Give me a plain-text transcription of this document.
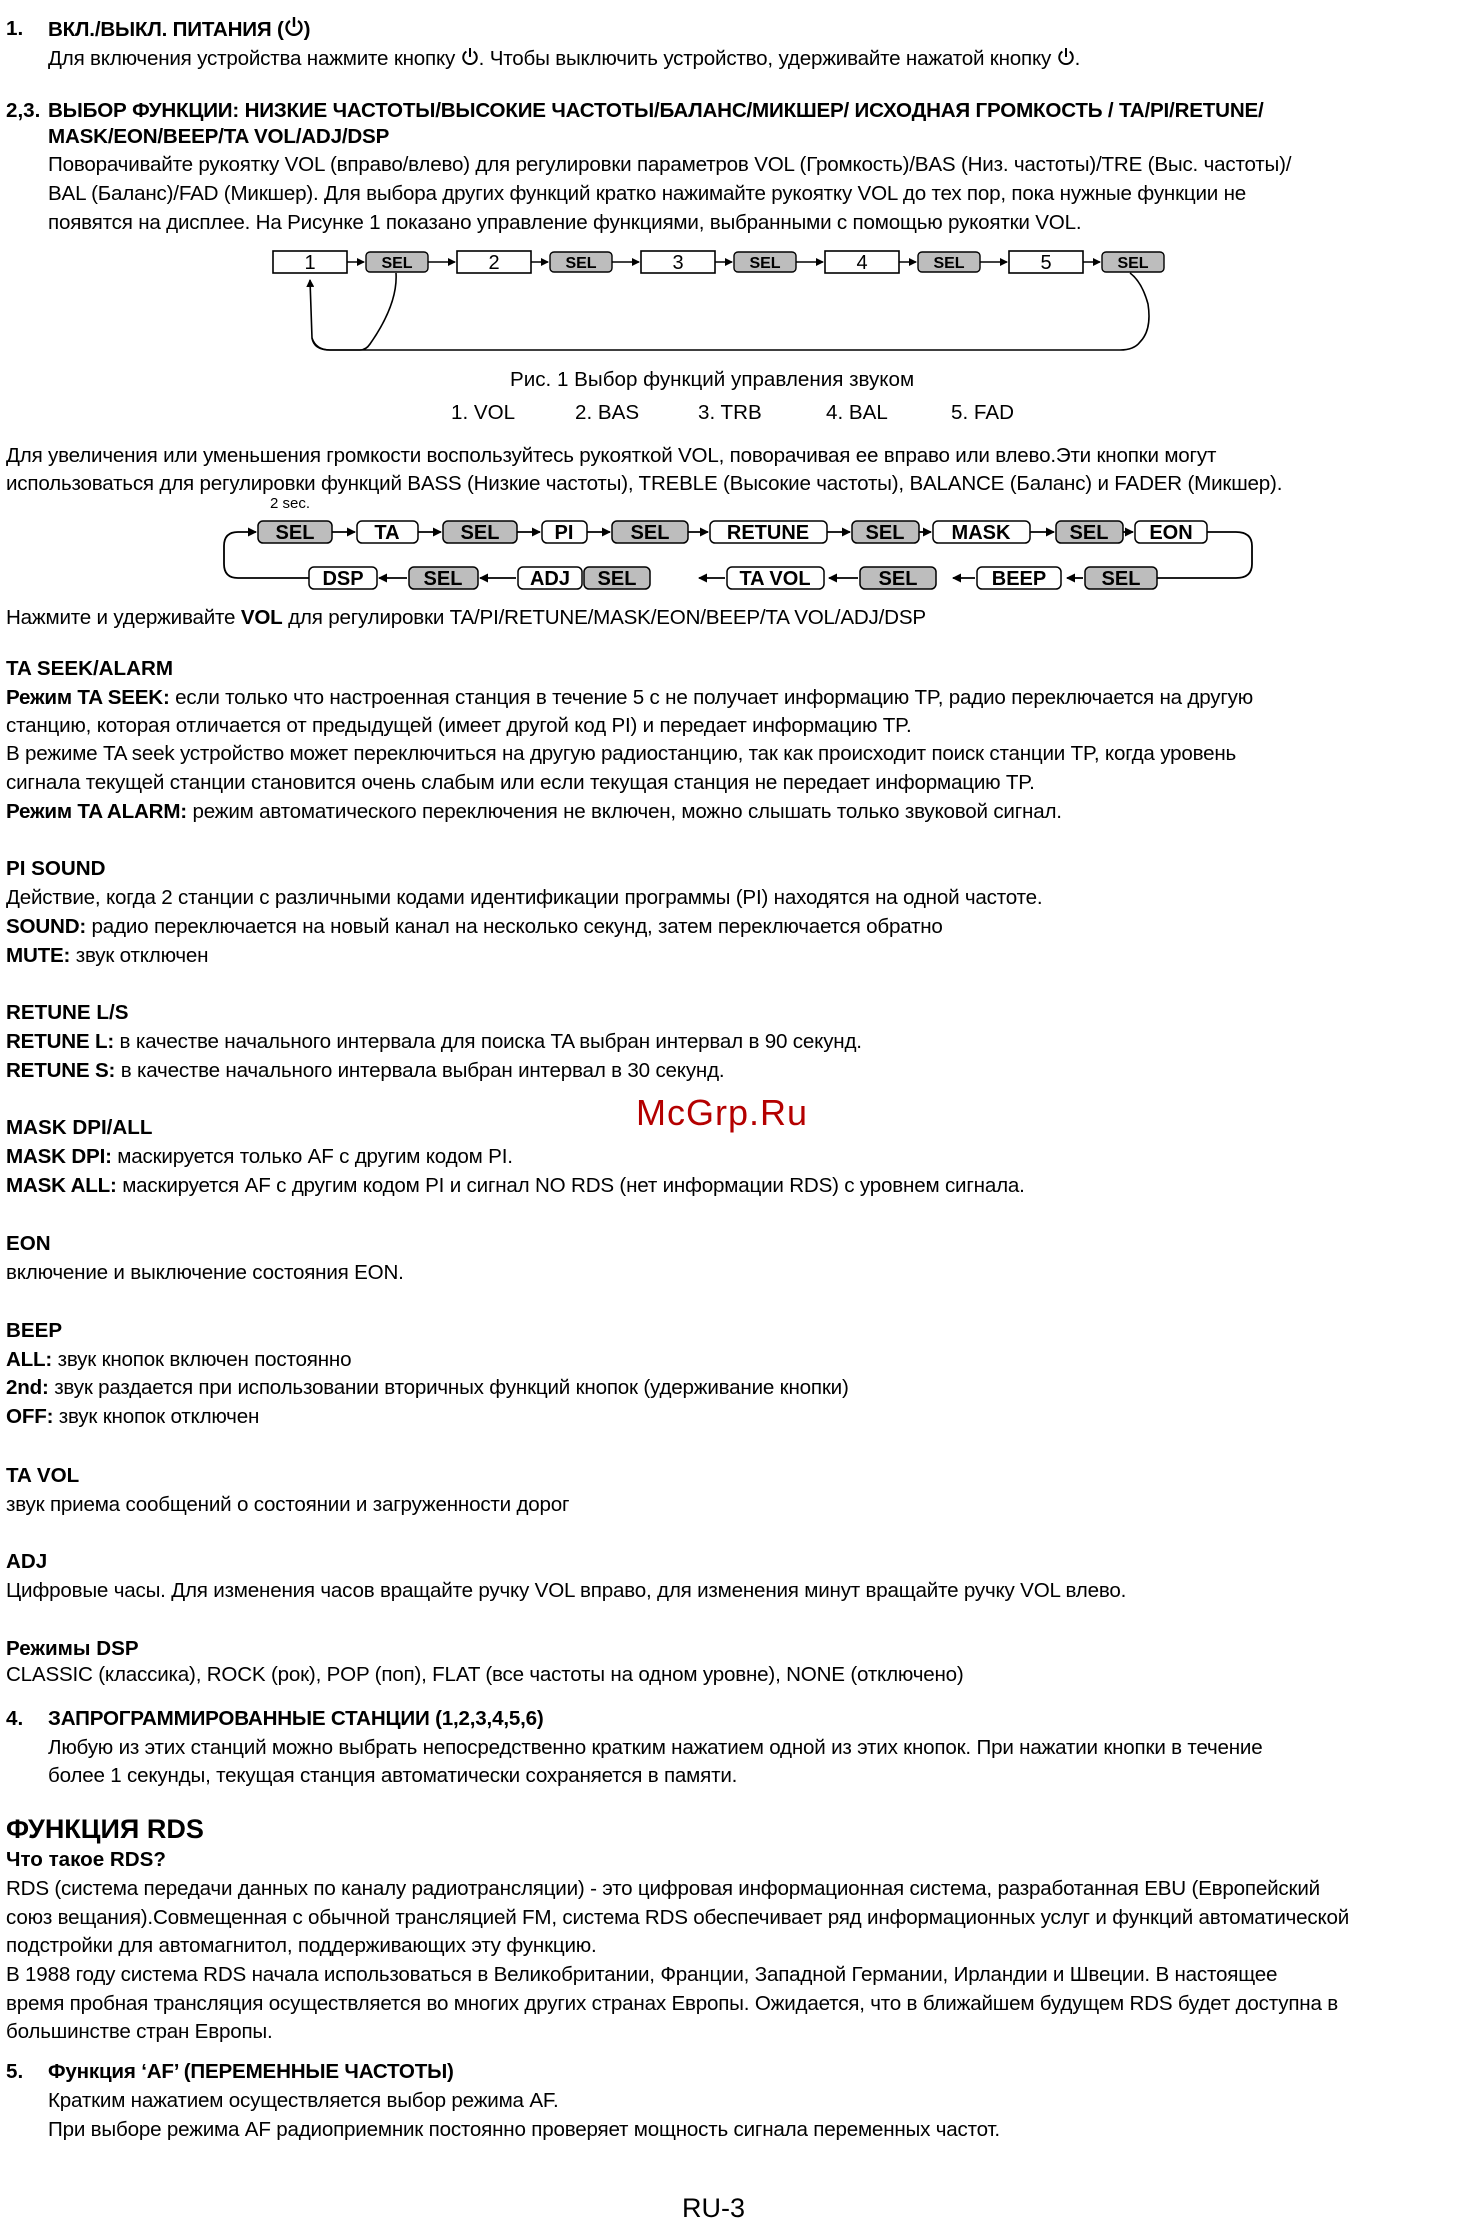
1. ВКЛ./ВЫКЛ. ПИТАНИЯ ( )
Для включения устройства нажмите кнопку . Чтобы выключить устройство, удерживайте нажатой кнопку .
2,3. ВЫБОР ФУНКЦИИ: НИЗКИЕ ЧАСТОТЫ/ВЫСОКИЕ ЧАСТОТЫ/БАЛАНС/МИКШЕР/ ИСХОДНАЯ ГРОМКОСТЬ / TA/PI/RETUNE/
MASK/EON/BEEP/TA VOL/ADJ/DSP
Поворачивайте рукоятку VOL (вправо/влево) для регулировки параметров VOL (Громкость)/BAS (Низ. частоты)/TRE (Выс. частоты)/
BAL (Баланс)/FAD (Микшер). Для выбора других функций кратко нажимайте рукоятку VOL до тех пор, пока нужные функции не
появятся на дисплее. На Рисунке 1 показано управление функциями, выбранными с помощью рукоятки VOL.
SEL	SEL	SEL	SEL	SEL
1	2	3	4	5
Рис. 1 Выбор функций управления звуком
1. VOL	2. BAS	3. TRB	4. BAL	5. FAD
Для увеличения или уменьшения громкости воспользуйтесь рукояткой VOL, поворачивая ее вправо или влево.Эти кнопки могут
использоваться для регулировки функций BASS (Низкие частоты), TREBLE (Высокие частоты), BALANCE (Баланс) и FADER (Микшер).
2 sec.
SEL	TA	SEL	PI	SEL	RETUNE	SEL MASK	SEL EON
DSP	SEL	ADJ SEL	TA VOL	SEL	BEEP	SEL
Нажмите и удерживайте VOL для регулировки TA/PI/RETUNE/MASK/EON/BEEP/TA VOL/ADJ/DSP
TA SEEK/ALARM
Режим TA SEEK: если только что настроенная станция в течение 5 с не получает информацию TP, радио переключается на другую
станцию, которая отличается от предыдущей (имеет другой код PI) и передает информацию TP.
В режиме TA seek устройство может переключиться на другую радиостанцию, так как происходит поиск станции TP, когда уровень
сигнала текущей станции становится очень слабым или если текущая станция не передает информацию TP.
Режим TA ALARM: режим автоматического переключения не включен, можно слышать только звуковой сигнал.
PI SOUND
Действие, когда 2 станции с различными кодами идентификации программы (PI) находятся на одной частоте.
SOUND: радио переключается на новый канал на несколько секунд, затем переключается обратно
MUTE: звук отключен
RETUNE L/S
RETUNE L: в качестве начального интервала для поиска TA выбран интервал в 90 секунд.
RETUNE S: в качестве начального интервала выбран интервал в 30 секунд.
MASK DPI/ALL
MASK DPI: маскируется только AF с другим кодом PI.
MASK ALL: маскируется AF с другим кодом PI и сигнал NO RDS (нет информации RDS) с уровнем сигнала.
McGrp.Ru
EON
включение и выключение состояния EON.
BEEP
ALL: звук кнопок включен постоянно
2nd: звук раздается при использовании вторичных функций кнопок (удерживание кнопки)
OFF: звук кнопок отключен
TA VOL
звук приема сообщений о состоянии и загруженности дорог
ADJ
Цифровые часы. Для изменения часов вращайте ручку VOL вправо, для изменения минут вращайте ручку VOL влево.
Режимы DSP
CLASSIC (классика), ROCK (рок), POP (поп), FLAT (все частоты на одном уровне), NONE (отключено)
4. ЗАПРОГРАММИРОВАННЫЕ СТАНЦИИ (1,2,3,4,5,6)
Любую из этих станций можно выбрать непосредственно кратким нажатием одной из этих кнопок. При нажатии кнопки в течение
более 1 секунды, текущая станция автоматически сохраняется в памяти.
ФУНКЦИЯ RDS
Что такое RDS?
RDS (система передачи данных по каналу радиотрансляции) - это цифровая информационная система, разработанная EBU (Европейский
союз вещания).Совмещенная с обычной трансляцией FM, система RDS обеспечивает ряд информационных услуг и функций автоматической
подстройки для автомагнитол, поддерживающих эту функцию.
В 1988 году система RDS начала использоваться в Великобритании, Франции, Западной Германии, Ирландии и Швеции. В настоящее
время пробная трансляция осуществляется во многих других странах Европы. Ожидается, что в ближайшем будущем RDS будет доступна в
большинстве стран Европы.
5. Функция ‘AF’ (ПЕРЕМЕННЫЕ ЧАСТОТЫ)
Кратким нажатием осуществляется выбор режима AF.
При выборе режима AF радиоприемник постоянно проверяет мощность сигнала переменных частот.
RU-3
